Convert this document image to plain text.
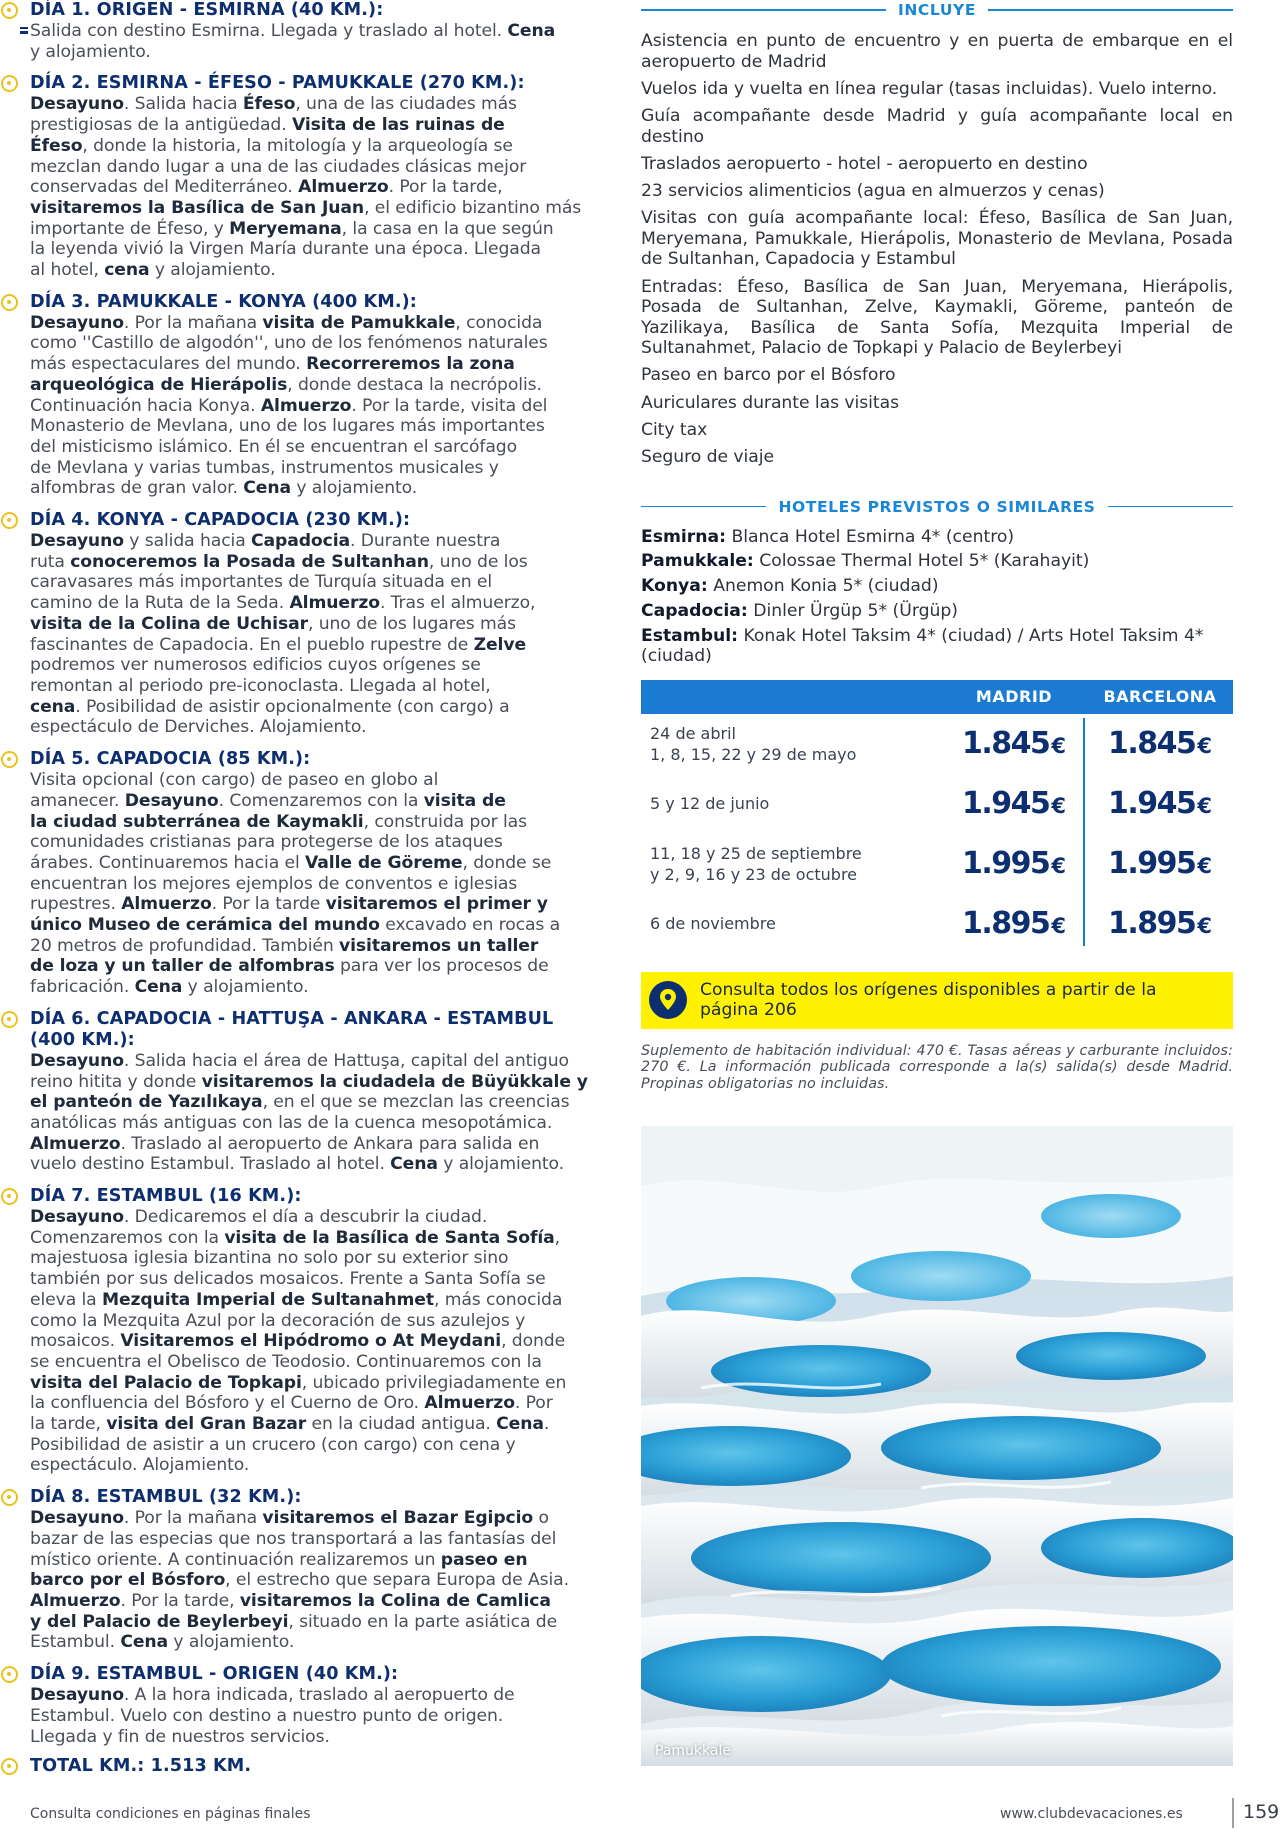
DÍA 1. ORIGEN - ESMIRNA (40 KM.):
Salida con destino Esmirna. Llegada y traslado al hotel. Cena
y alojamiento.
DÍA 2. ESMIRNA - ÉFESO - PAMUKKALE (270 KM.):
Desayuno. Salida hacia Éfeso, una de las ciudades más
prestigiosas de la antigüedad. Visita de las ruinas de
Éfeso, donde la historia, la mitología y la arqueología se
mezclan dando lugar a una de las ciudades clásicas mejor
conservadas del Mediterráneo. Almuerzo. Por la tarde,
visitaremos la Basílica de San Juan, el edificio bizantino más
importante de Éfeso, y Meryemana, la casa en la que según
la leyenda vivió la Virgen María durante una época. Llegada
al hotel, cena y alojamiento.
DÍA 3. PAMUKKALE - KONYA (400 KM.):
Desayuno. Por la mañana visita de Pamukkale, conocida
como ''Castillo de algodón'', uno de los fenómenos naturales
más espectaculares del mundo. Recorreremos la zona
arqueológica de Hierápolis, donde destaca la necrópolis.
Continuación hacia Konya. Almuerzo. Por la tarde, visita del
Monasterio de Mevlana, uno de los lugares más importantes
del misticismo islámico. En él se encuentran el sarcófago
de Mevlana y varias tumbas, instrumentos musicales y
alfombras de gran valor. Cena y alojamiento.
DÍA 4. KONYA - CAPADOCIA (230 KM.):
Desayuno y salida hacia Capadocia. Durante nuestra
ruta conoceremos la Posada de Sultanhan, uno de los
caravasares más importantes de Turquía situada en el
camino de la Ruta de la Seda. Almuerzo. Tras el almuerzo,
visita de la Colina de Uchisar, uno de los lugares más
fascinantes de Capadocia. En el pueblo rupestre de Zelve
podremos ver numerosos edificios cuyos orígenes se
remontan al periodo pre-iconoclasta. Llegada al hotel,
cena. Posibilidad de asistir opcionalmente (con cargo) a
espectáculo de Derviches. Alojamiento.
DÍA 5. CAPADOCIA (85 KM.):
Visita opcional (con cargo) de paseo en globo al
amanecer. Desayuno. Comenzaremos con la visita de
la ciudad subterránea de Kaymakli, construida por las
comunidades cristianas para protegerse de los ataques
árabes. Continuaremos hacia el Valle de Göreme, donde se
encuentran los mejores ejemplos de conventos e iglesias
rupestres. Almuerzo. Por la tarde visitaremos el primer y
único Museo de cerámica del mundo excavado en rocas a
20 metros de profundidad. También visitaremos un taller
de loza y un taller de alfombras para ver los procesos de
fabricación. Cena y alojamiento.
DÍA 6. CAPADOCIA - HATTUŞA - ANKARA - ESTAMBUL (400 KM.):
Desayuno. Salida hacia el área de Hattuşa, capital del antiguo
reino hitita y donde visitaremos la ciudadela de Büyükkale y
el panteón de Yazılıkaya, en el que se mezclan las creencias
anatólicas más antiguas con las de la cuenca mesopotámica.
Almuerzo. Traslado al aeropuerto de Ankara para salida en
vuelo destino Estambul. Traslado al hotel. Cena y alojamiento.
DÍA 7. ESTAMBUL (16 KM.):
Desayuno. Dedicaremos el día a descubrir la ciudad.
Comenzaremos con la visita de la Basílica de Santa Sofía,
majestuosa iglesia bizantina no solo por su exterior sino
también por sus delicados mosaicos. Frente a Santa Sofía se
eleva la Mezquita Imperial de Sultanahmet, más conocida
como la Mezquita Azul por la decoración de sus azulejos y
mosaicos. Visitaremos el Hipódromo o At Meydani, donde
se encuentra el Obelisco de Teodosio. Continuaremos con la
visita del Palacio de Topkapi, ubicado privilegiadamente en
la confluencia del Bósforo y el Cuerno de Oro. Almuerzo. Por
la tarde, visita del Gran Bazar en la ciudad antigua. Cena.
Posibilidad de asistir a un crucero (con cargo) con cena y
espectáculo. Alojamiento.
DÍA 8. ESTAMBUL (32 KM.):
Desayuno. Por la mañana visitaremos el Bazar Egipcio o
bazar de las especias que nos transportará a las fantasías del
místico oriente. A continuación realizaremos un paseo en
barco por el Bósforo, el estrecho que separa Europa de Asia.
Almuerzo. Por la tarde, visitaremos la Colina de Camlica
y del Palacio de Beylerbeyi, situado en la parte asiática de
Estambul. Cena y alojamiento.
DÍA 9. ESTAMBUL - ORIGEN (40 KM.):
Desayuno. A la hora indicada, traslado al aeropuerto de
Estambul. Vuelo con destino a nuestro punto de origen.
Llegada y fin de nuestros servicios.
TOTAL KM.: 1.513 KM.
INCLUYE
Asistencia en punto de encuentro y en puerta de embarque en el aeropuerto de Madrid
Vuelos ida y vuelta en línea regular (tasas incluidas). Vuelo interno.
Guía acompañante desde Madrid y guía acompañante local en destino
Traslados aeropuerto - hotel - aeropuerto en destino
23 servicios alimenticios (agua en almuerzos y cenas)
Visitas con guía acompañante local: Éfeso, Basílica de San Juan, Meryemana, Pamukkale, Hierápolis, Monasterio de Mevlana, Posada de Sultanhan, Capadocia y Estambul
Entradas: Éfeso, Basílica de San Juan, Meryemana, Hierápolis, Posada de Sultanhan, Zelve, Kaymakli, Göreme, panteón de Yazilikaya, Basílica de Santa Sofía, Mezquita Imperial de Sultanahmet, Palacio de Topkapi y Palacio de Beylerbeyi
Paseo en barco por el Bósforo
Auriculares durante las visitas
City tax
Seguro de viaje
HOTELES PREVISTOS O SIMILARES
Esmirna: Blanca Hotel Esmirna 4* (centro)
Pamukkale: Colossae Thermal Hotel 5* (Karahayit)
Konya: Anemon Konia 5* (ciudad)
Capadocia: Dinler Ürgüp 5* (Ürgüp)
Estambul: Konak Hotel Taksim 4* (ciudad) / Arts Hotel Taksim 4* (ciudad)
MADRID	BARCELONA
24 de abril
1, 8, 15, 22 y 29 de mayo	1.845€	1.845€
5 y 12 de junio	1.945€	1.945€
11, 18 y 25 de septiembre
y 2, 9, 16 y 23 de octubre	1.995€	1.995€
6 de noviembre	1.895€	1.895€
Consulta todos los orígenes disponibles a partir de la página 206
Suplemento de habitación individual: 470 €. Tasas aéreas y carburante incluidos: 270 €. La información publicada corresponde a la(s) salida(s) desde Madrid. Propinas obligatorias no incluidas.
Pamukkale
Consulta condiciones en páginas finales	www.clubdevacaciones.es	159
